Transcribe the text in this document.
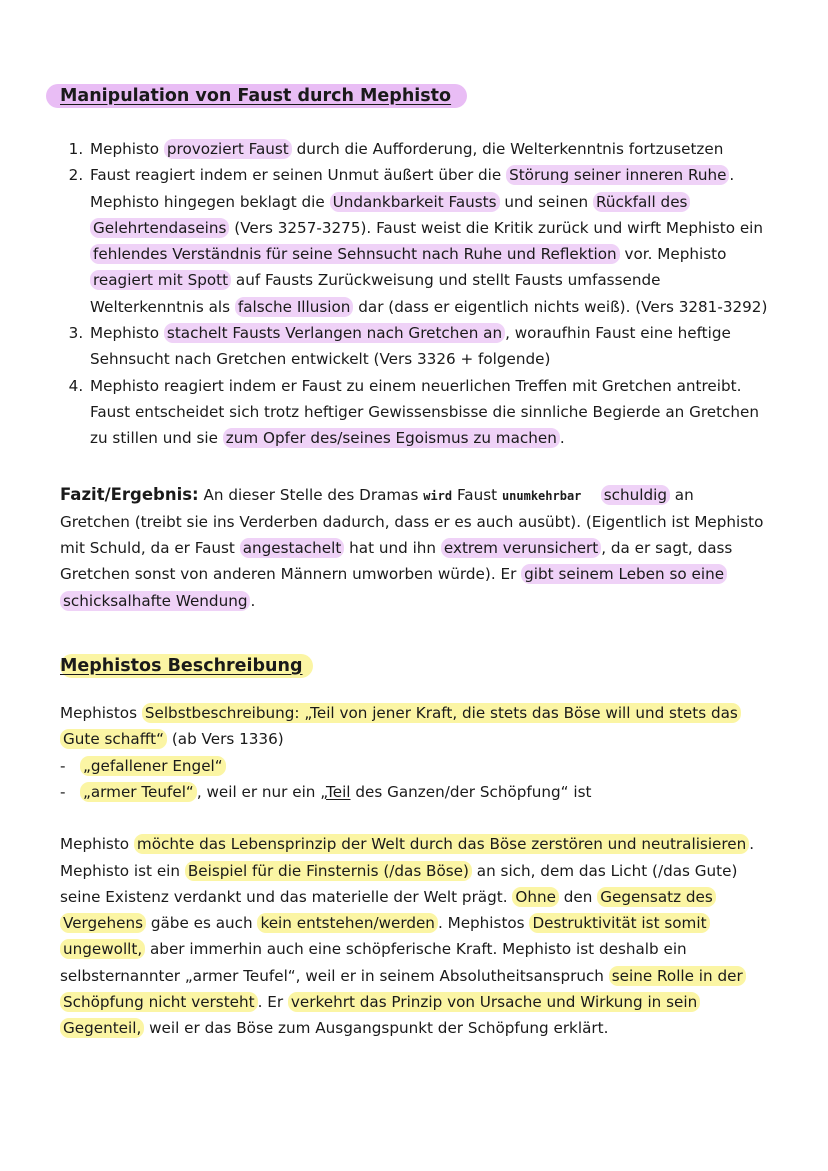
Manipulation von Faust durch Mephisto
1. Mephisto provoziert Faust durch die Aufforderung, die Welterkenntnis fortzusetzen
2. Faust reagiert indem er seinen Unmut äußert über die Störung seiner inneren Ruhe . Mephisto hingegen beklagt die Undankbarkeit Fausts und seinen Rückfall des Gelehrtendaseins (Vers 3257-3275). Faust weist die Kritik zurück und wirft Mephisto ein fehlendes Verständnis für seine Sehnsucht nach Ruhe und Reflektion vor. Mephisto reagiert mit Spott auf Fausts Zurückweisung und stellt Fausts umfassende Welterkenntnis als falsche Illusion dar (dass er eigentlich nichts weiß). (Vers 3281-3292)
3. Mephisto stachelt Fausts Verlangen nach Gretchen an , woraufhin Faust eine heftige Sehnsucht nach Gretchen entwickelt (Vers 3326 + folgende)
4. Mephisto reagiert indem er Faust zu einem neuerlichen Treffen mit Gretchen antreibt. Faust entscheidet sich trotz heftiger Gewissensbisse die sinnliche Begierde an Gretchen zu stillen und sie zum Opfer des/seines Egoismus zu machen .

Fazit/Ergebnis: An dieser Stelle des Dramas wird Faust unumkehrbar schuldig an Gretchen (treibt sie ins Verderben dadurch, dass er es auch ausübt). (Eigentlich ist Mephisto mit Schuld, da er Faust angestachelt hat und ihn extrem verunsichert , da er sagt, dass Gretchen sonst von anderen Männern umworben würde). Er gibt seinem Leben so eine schicksalhafte Wendung .

Mephistos Beschreibung

Mephistos Selbstbeschreibung: „Teil von jener Kraft, die stets das Böse will und stets das Gute schafft“ (ab Vers 1336)

- „gefallener Engel“
- „armer Teufel“ , weil er nur ein „Teil des Ganzen/der Schöpfung“ ist

Mephisto möchte das Lebensprinzip der Welt durch das Böse zerstören und neutralisieren . Mephisto ist ein Beispiel für die Finsternis (/das Böse) an sich, dem das Licht (/das Gute) seine Existenz verdankt und das materielle der Welt prägt. Ohne den Gegensatz des Vergehens gäbe es auch kein entstehen/werden . Mephistos Destruktivität ist somit ungewollt, aber immerhin auch eine schöpferische Kraft. Mephisto ist deshalb ein selbsternannter „armer Teufel“, weil er in seinem Absolutheitsanspruch seine Rolle in der Schöpfung nicht versteht . Er verkehrt das Prinzip von Ursache und Wirkung in sein Gegenteil, weil er das Böse zum Ausgangspunkt der Schöpfung erklärt.
